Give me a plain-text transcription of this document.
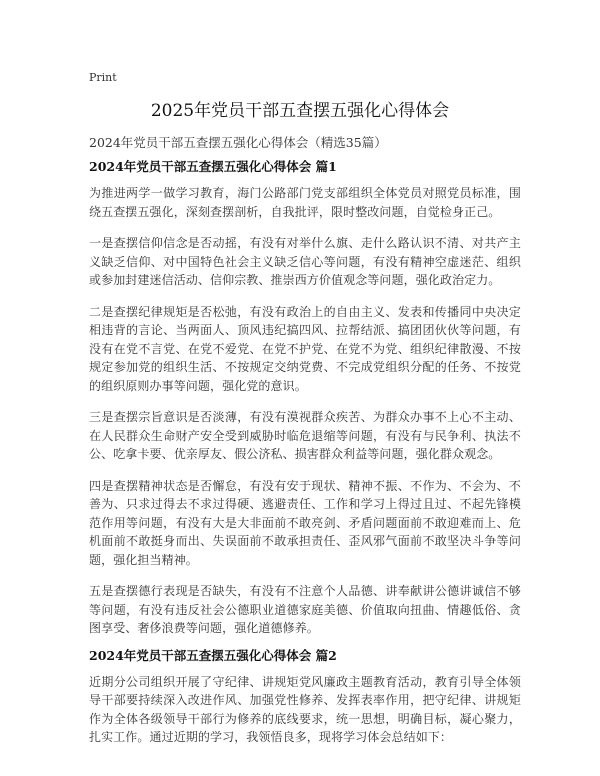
Print
2025年党员干部五查摆五强化心得体会

2024年党员干部五查摆五强化心得体会（精选35篇）

2024年党员干部五查摆五强化心得体会 篇1

为推进两学一做学习教育，海门公路部门党支部组织全体党员对照党员标准，围绕五查摆五强化，深刻查摆剖析，自我批评，限时整改问题，自觉检身正己。

一是查摆信仰信念是否动摇，有没有对举什么旗、走什么路认识不清、对共产主义缺乏信仰、对中国特色社会主义缺乏信心等问题，有没有精神空虚迷茫、组织或参加封建迷信活动、信仰宗教、推崇西方价值观念等问题，强化政治定力。

二是查摆纪律规矩是否松弛，有没有政治上的自由主义、发表和传播同中央决定相违背的言论、当两面人、顶风违纪搞四风、拉帮结派、搞团团伙伙等问题，有没有在党不言党、在党不爱党、在党不护党、在党不为党、组织纪律散漫、不按规定参加党的组织生活、不按规定交纳党费、不完成党组织分配的任务、不按党的组织原则办事等问题，强化党的意识。

三是查摆宗旨意识是否淡薄，有没有漠视群众疾苦、为群众办事不上心不主动、在人民群众生命财产安全受到威胁时临危退缩等问题，有没有与民争利、执法不公、吃拿卡要、优亲厚友、假公济私、损害群众利益等问题，强化群众观念。

四是查摆精神状态是否懈怠，有没有安于现状、精神不振、不作为、不会为、不善为、只求过得去不求过得硬、逃避责任、工作和学习上得过且过、不起先锋模范作用等问题，有没有大是大非面前不敢亮剑、矛盾问题面前不敢迎难而上、危机面前不敢挺身而出、失误面前不敢承担责任、歪风邪气面前不敢坚决斗争等问题，强化担当精神。

五是查摆德行表现是否缺失，有没有不注意个人品德、讲奉献讲公德讲诚信不够等问题，有没有违反社会公德职业道德家庭美德、价值取向扭曲、情趣低俗、贪图享受、奢侈浪费等问题，强化道德修养。

2024年党员干部五查摆五强化心得体会 篇2

近期分公司组织开展了守纪律、讲规矩党风廉政主题教育活动，教育引导全体领导干部要持续深入改进作风、加强党性修养、发挥表率作用，把守纪律、讲规矩作为全体各级领导干部行为修养的底线要求，统一思想，明确目标，凝心聚力，扎实工作。通过近期的学习，我领悟良多，现将学习体会总结如下：
